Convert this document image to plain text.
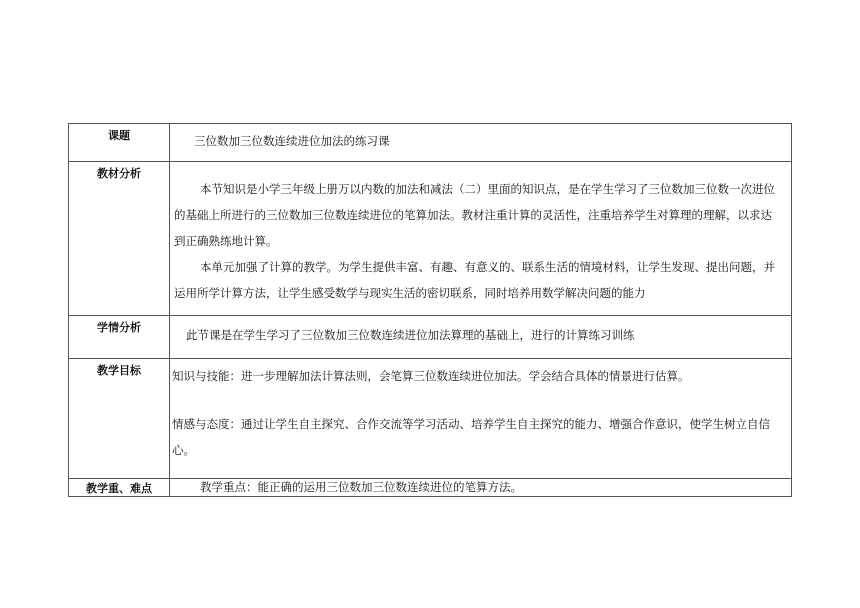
课题	三位数加三位数连续进位加法的练习课

教材分析	本节知识是小学三年级上册万以内数的加法和减法（二）里面的知识点，是在学生学习了三位数加三位数一次进位的基础上所进行的三位数加三位数连续进位的笔算加法。教材注重计算的灵活性，注重培养学生对算理的理解，以求达到正确熟练地计算。

本单元加强了计算的教学。为学生提供丰富、有趣、有意义的、联系生活的情境材料，让学生发现、提出问题，并运用所学计算方法，让学生感受数学与现实生活的密切联系，同时培养用数学解决问题的能力

学情分析	此节课是在学生学习了三位数加三位数连续进位加法算理的基础上，进行的计算练习训练

教学目标	知识与技能：进一步理解加法计算法则，会笔算三位数连续进位加法。学会结合具体的情景进行估算。

情感与态度：通过让学生自主探究、合作交流等学习活动、培养学生自主探究的能力、增强合作意识，使学生树立自信心。

教学重、难点	教学重点：能正确的运用三位数加三位数连续进位的笔算方法。
